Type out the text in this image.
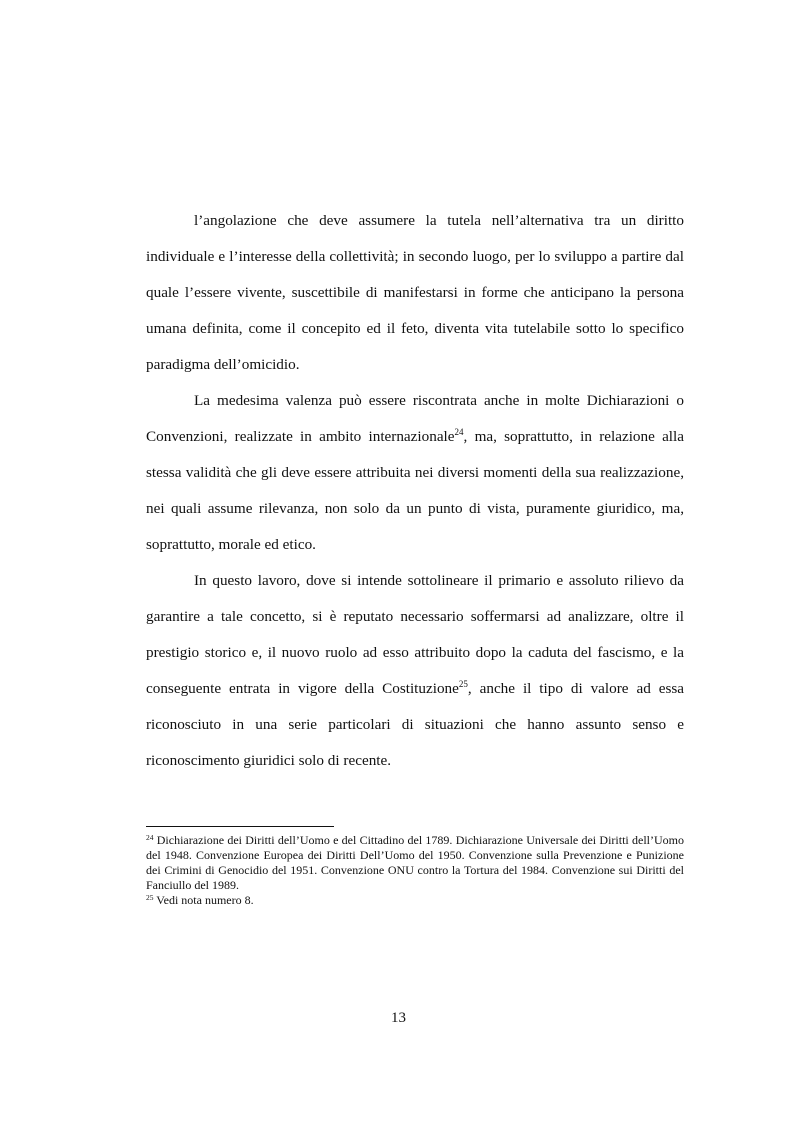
l’angolazione che deve assumere la tutela nell’alternativa tra un diritto individuale e l’interesse della collettività; in secondo luogo, per lo sviluppo a partire dal quale l’essere vivente, suscettibile di manifestarsi in forme che anticipano la persona umana definita, come il concepito ed il feto, diventa vita tutelabile sotto lo specifico paradigma dell’omicidio.

La medesima valenza può essere riscontrata anche in molte Dichiarazioni o Convenzioni, realizzate in ambito internazionale$^{24}$, ma, soprattutto, in relazione alla stessa validità che gli deve essere attribuita nei diversi momenti della sua realizzazione, nei quali assume rilevanza, non solo da un punto di vista, puramente giuridico, ma, soprattutto, morale ed etico.

In questo lavoro, dove si intende sottolineare il primario e assoluto rilievo da garantire a tale concetto, si è reputato necessario soffermarsi ad analizzare, oltre il prestigio storico e, il nuovo ruolo ad esso attribuito dopo la caduta del fascismo, e la conseguente entrata in vigore della Costituzione$^{25}$, anche il tipo di valore ad essa riconosciuto in una serie particolari di situazioni che hanno assunto senso e riconoscimento giuridici solo di recente.

$^{24}$ Dichiarazione dei Diritti dell’Uomo e del Cittadino del 1789. Dichiarazione Universale dei Diritti dell’Uomo del 1948. Convenzione Europea dei Diritti Dell’Uomo del 1950. Convenzione sulla Prevenzione e Punizione dei Crimini di Genocidio del 1951. Convenzione ONU contro la Tortura del 1984. Convenzione sui Diritti del Fanciullo del 1989.

$^{25}$ Vedi nota numero 8.

13
